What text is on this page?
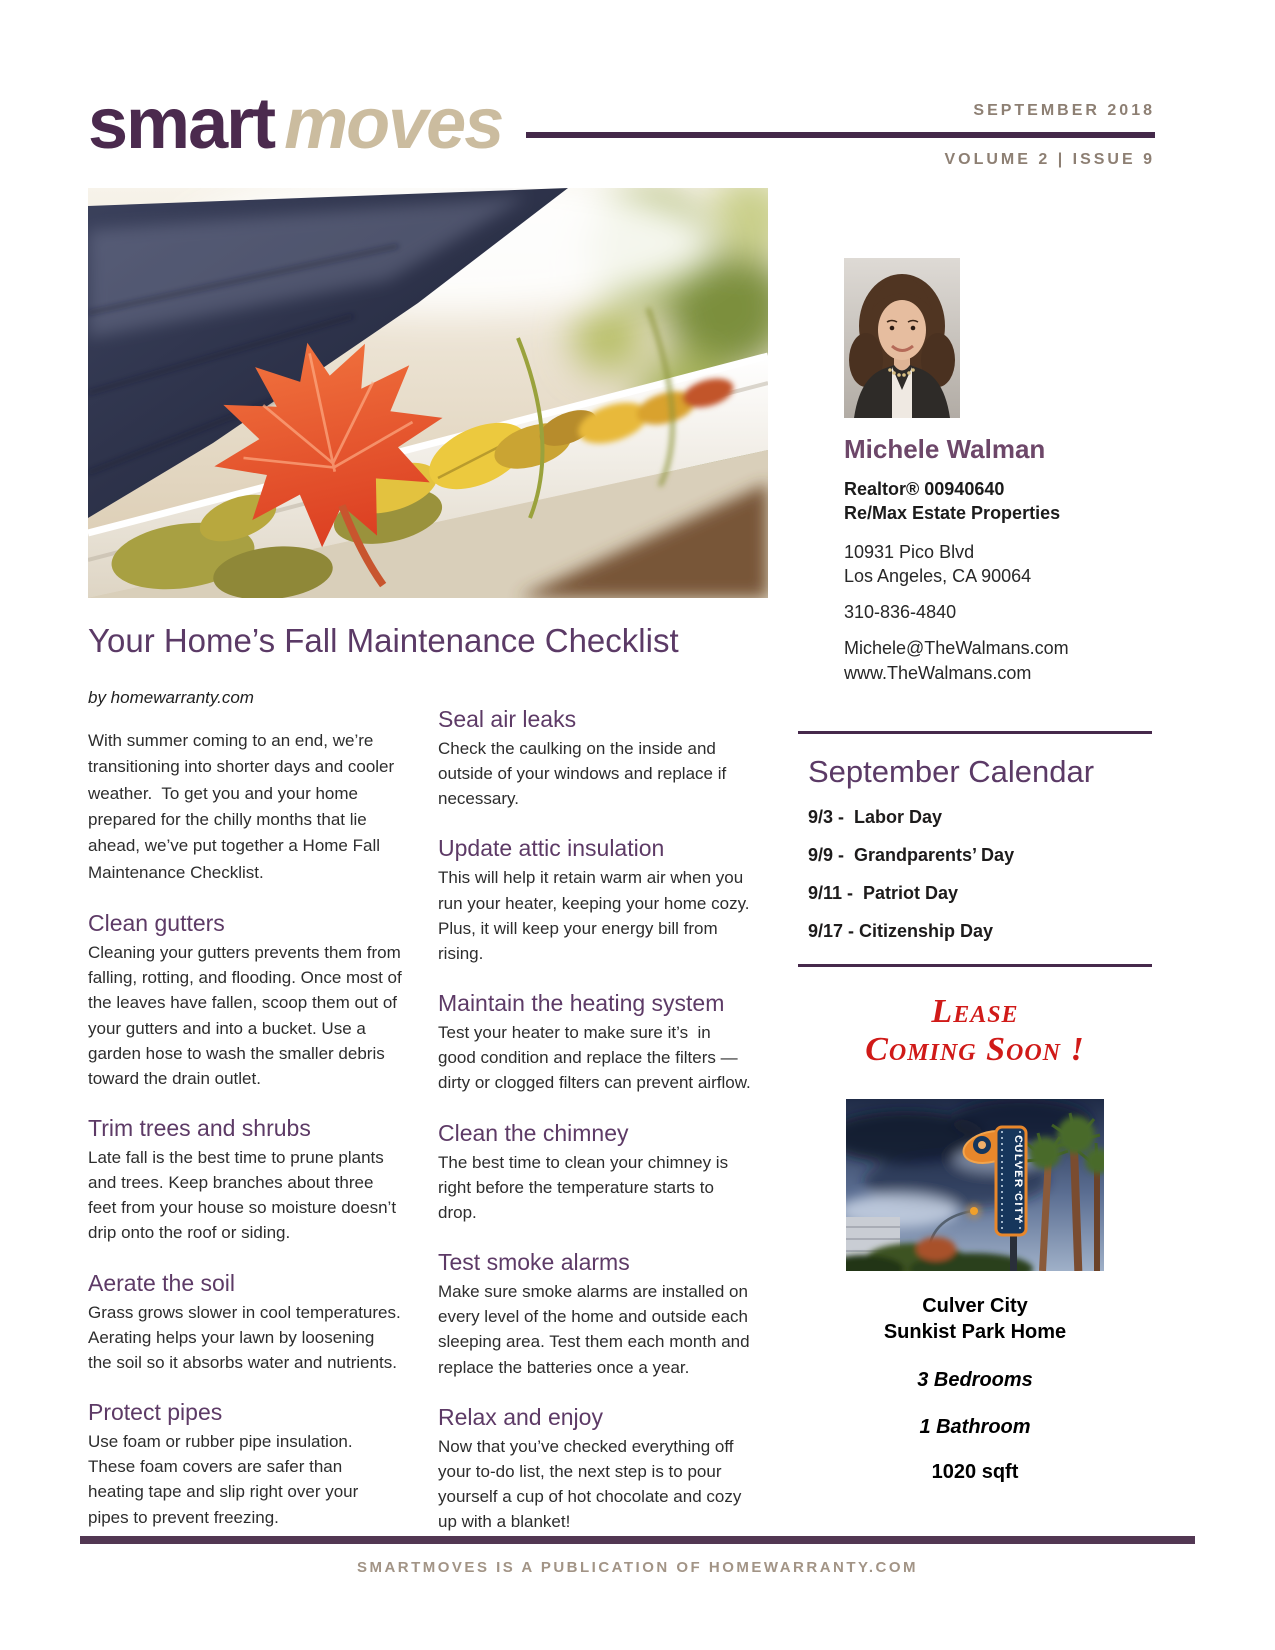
smart moves	SEPTEMBER 2018
VOLUME 2 | ISSUE 9
Your Home’s Fall Maintenance Checklist
by homewarranty.com

With summer coming to an end, we’re transitioning into shorter days and cooler weather.  To get you and your home prepared for the chilly months that lie ahead, we’ve put together a Home Fall Maintenance Checklist.

Clean gutters

Cleaning your gutters prevents them from falling, rotting, and flooding. Once most of the leaves have fallen, scoop them out of your gutters and into a bucket. Use a garden hose to wash the smaller debris toward the drain outlet.

Trim trees and shrubs

Late fall is the best time to prune plants and trees. Keep branches about three feet from your house so moisture doesn’t drip onto the roof or siding.

Aerate the soil

Grass grows slower in cool temperatures. Aerating helps your lawn by loosening the soil so it absorbs water and nutrients.

Protect pipes

Use foam or rubber pipe insulation. These foam covers are safer than heating tape and slip right over your pipes to prevent freezing.

Seal air leaks

Check the caulking on the inside and outside of your windows and replace if necessary.

Update attic insulation

This will help it retain warm air when you run your heater, keeping your home cozy. Plus, it will keep your energy bill from rising.

Maintain the heating system

Test your heater to make sure it’s  in good condition and replace the filters — dirty or clogged filters can prevent airflow.

Clean the chimney

The best time to clean your chimney is right before the temperature starts to drop.

Test smoke alarms

Make sure smoke alarms are installed on every level of the home and outside each sleeping area. Test them each month and replace the batteries once a year.

Relax and enjoy

Now that you’ve checked everything off your to-do list, the next step is to pour yourself a cup of hot chocolate and cozy up with a blanket!

Michele Walman
Realtor® 00940640
Re/Max Estate Properties
10931 Pico Blvd
Los Angeles, CA 90064
310-836-4840
Michele@TheWalmans.com
www.TheWalmans.com
September Calendar
9/3 -  Labor Day
9/9 -  Grandparents’ Day
9/11 -  Patriot Day
9/17 - Citizenship Day
Lease
Coming Soon !
CULVER CITY
Culver City
Sunkist Park Home
3 Bedrooms
1 Bathroom
1020 sqft
SMARTMOVES IS A PUBLICATION OF HOMEWARRANTY.COM
